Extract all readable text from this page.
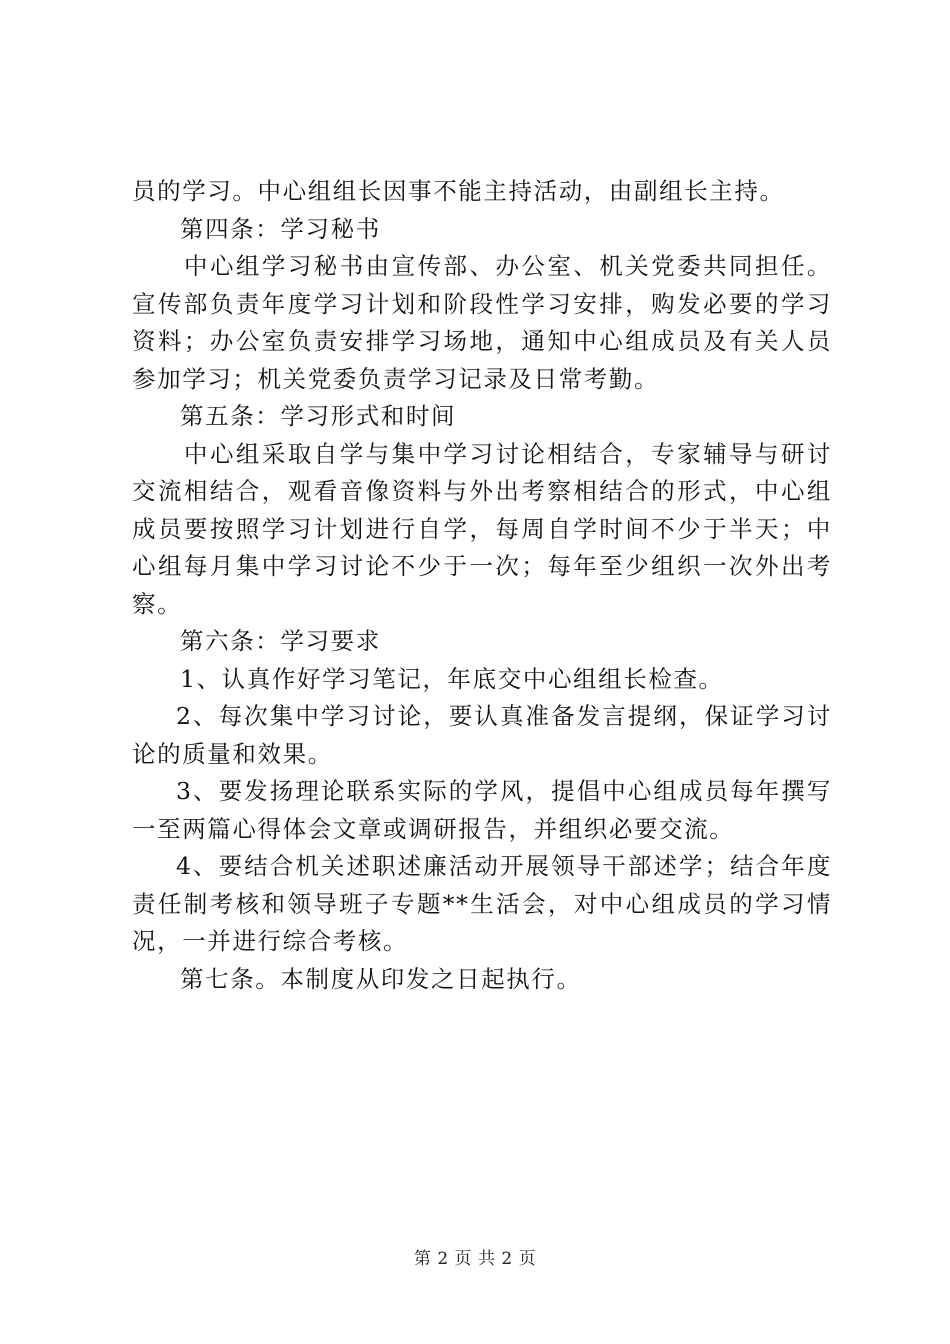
员的学习。中心组组长因事不能主持活动，由副组长主持。

第四条：学习秘书

中心组学习秘书由宣传部、办公室、机关党委共同担任。宣传部负责年度学习计划和阶段性学习安排，购发必要的学习资料；办公室负责安排学习场地，通知中心组成员及有关人员参加学习；机关党委负责学习记录及日常考勤。

第五条：学习形式和时间

中心组采取自学与集中学习讨论相结合，专家辅导与研讨交流相结合，观看音像资料与外出考察相结合的形式，中心组成员要按照学习计划进行自学，每周自学时间不少于半天；中心组每月集中学习讨论不少于一次；每年至少组织一次外出考察。

第六条：学习要求

1、认真作好学习笔记，年底交中心组组长检查。

2、每次集中学习讨论，要认真准备发言提纲，保证学习讨论的质量和效果。

3、要发扬理论联系实际的学风，提倡中心组成员每年撰写一至两篇心得体会文章或调研报告，并组织必要交流。

4、要结合机关述职述廉活动开展领导干部述学；结合年度责任制考核和领导班子专题**生活会，对中心组成员的学习情况，一并进行综合考核。

第七条。本制度从印发之日起执行。

第 2 页 共 2 页
